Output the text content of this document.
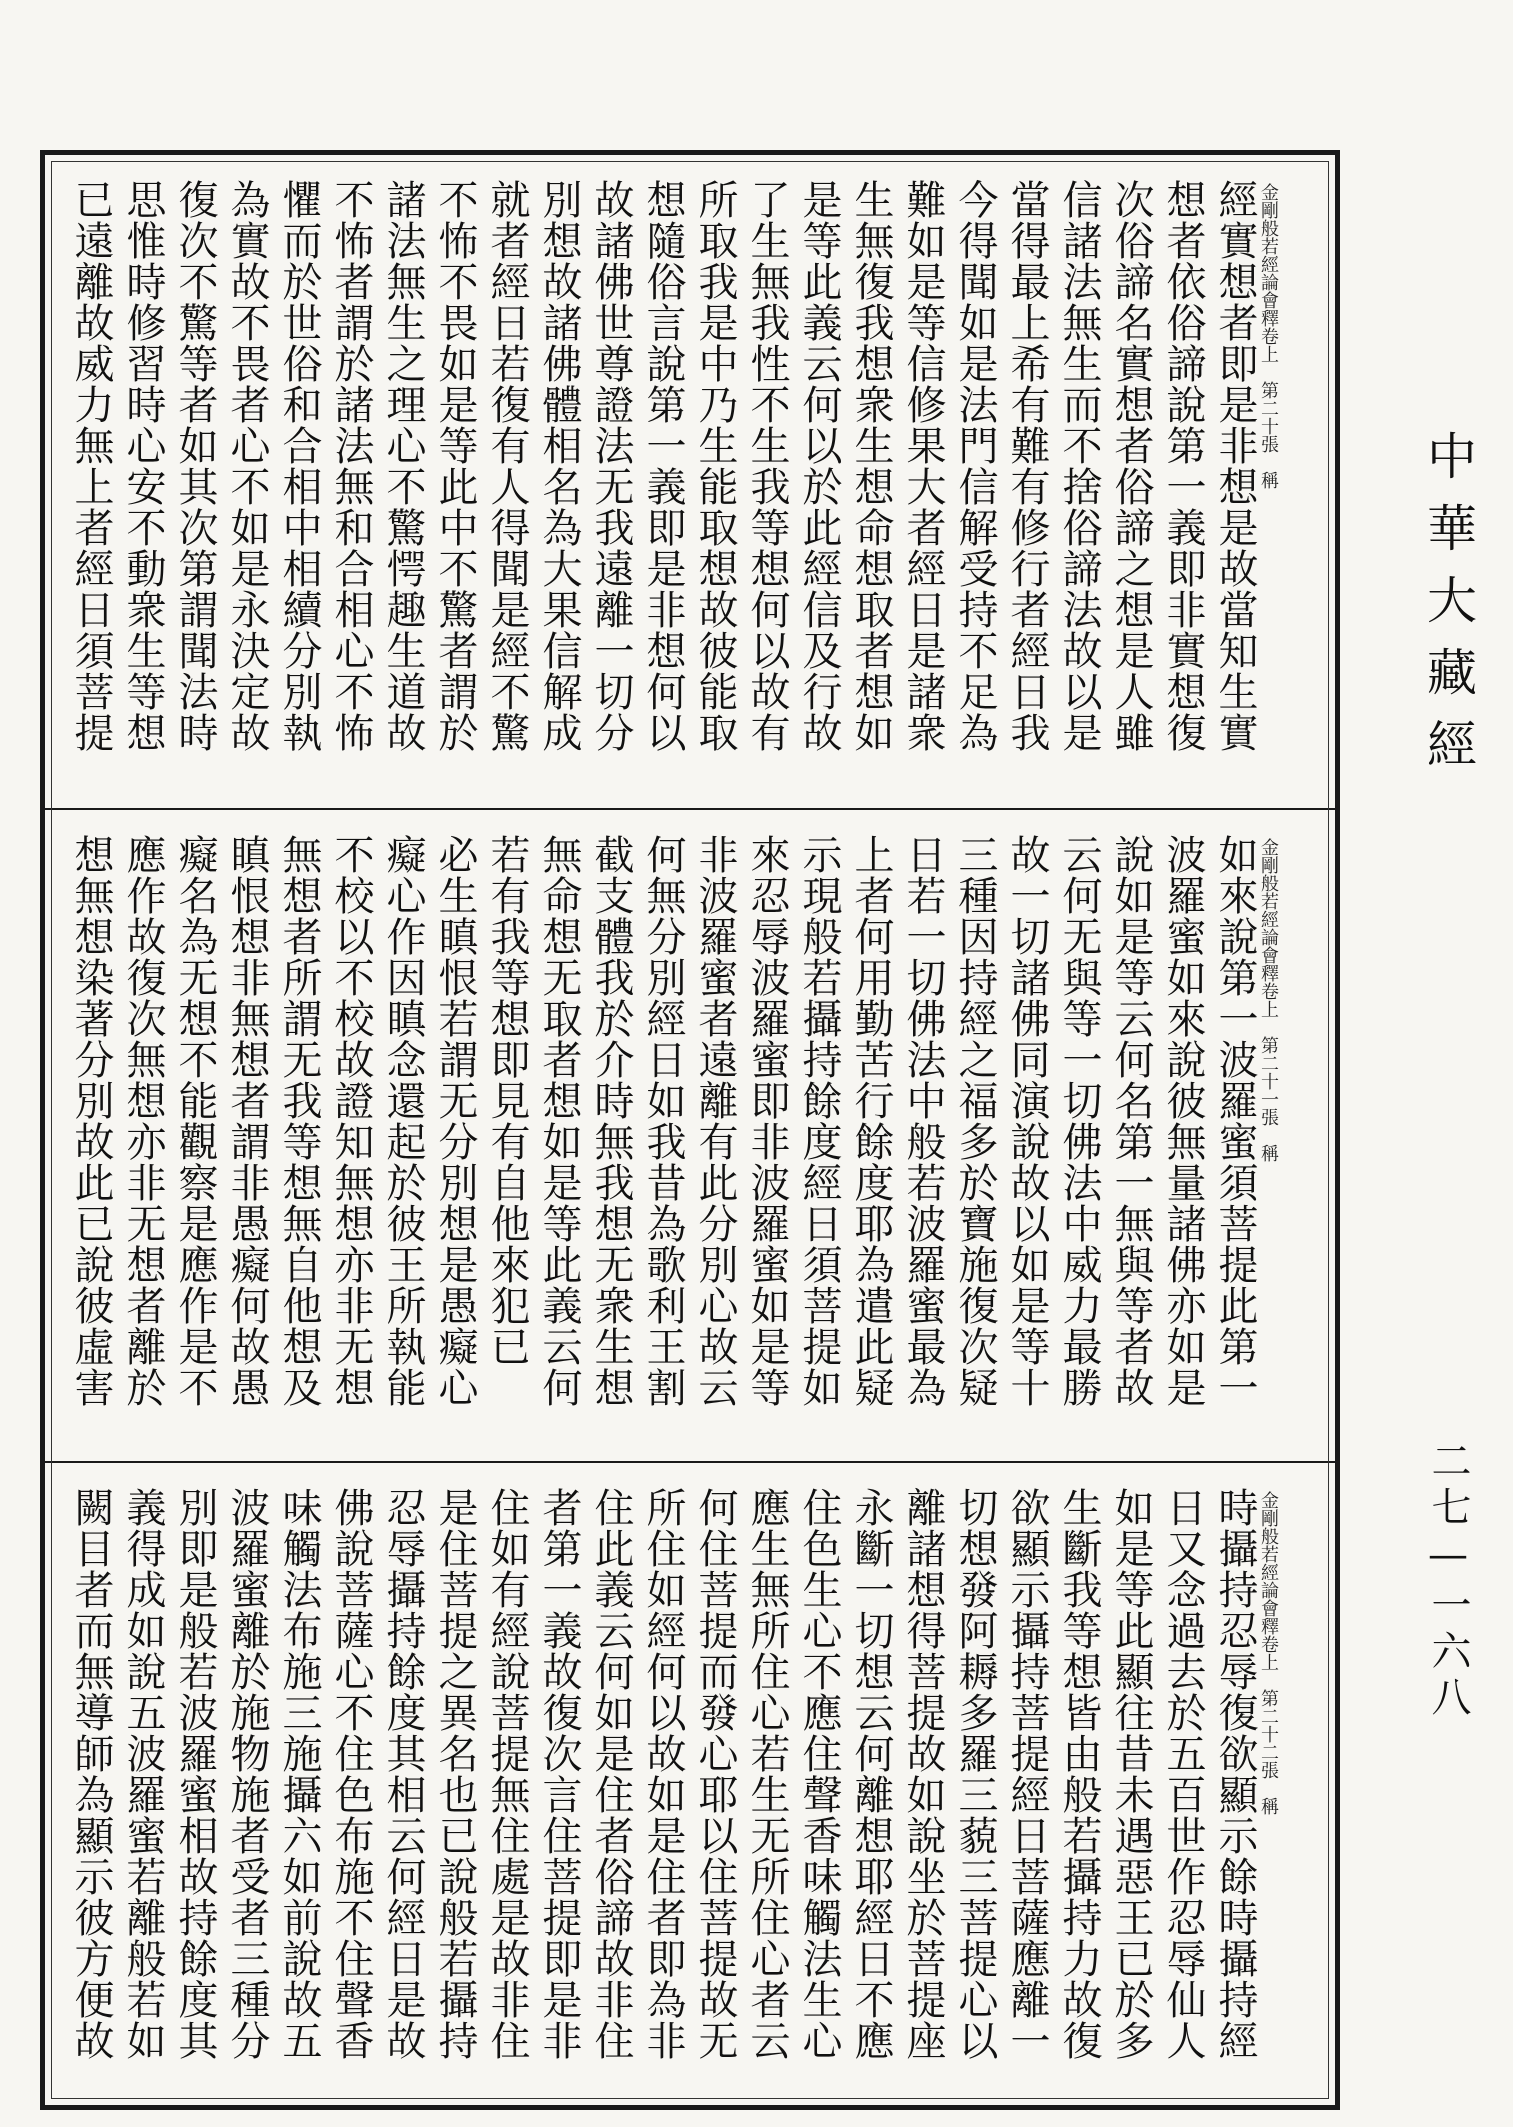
金剛般若經論會釋卷上　第二十張　稱
經實想者即是非想是故當知生實
想者依俗諦說第一義即非實想復
次俗諦名實想者俗諦之想是人雖
信諸法無生而不捨俗諦法故以是
當得最上希有難有修行者經日我
今得聞如是法門信解受持不足為
難如是等信修果大者經日是諸衆
生無復我想衆生想命想取者想如
是等此義云何以於此經信及行故
了生無我性不生我等想何以故有
所取我是中乃生能取想故彼能取
想隨俗言說第一義即是非想何以
故諸佛世尊證法无我遠離一切分
別想故諸佛體相名為大果信解成
就者經日若復有人得聞是經不驚
不怖不畏如是等此中不驚者謂於
諸法無生之理心不驚愕趣生道故
不怖者謂於諸法無和合相心不怖
懼而於世俗和合相中相續分別執
為實故不畏者心不如是永決定故
復次不驚等者如其次第謂聞法時
思惟時修習時心安不動衆生等想
已遠離故威力無上者經日須菩提
金剛般若經論會釋卷上　第二十一張　稱
如來說第一波羅蜜須菩提此第一
波羅蜜如來說彼無量諸佛亦如是
說如是等云何名第一無與等者故
云何无與等一切佛法中威力最勝
故一切諸佛同演說故以如是等十
三種因持經之福多於寶施復次疑
日若一切佛法中般若波羅蜜最為
上者何用勤苦行餘度耶為遣此疑
示現般若攝持餘度經日須菩提如
來忍辱波羅蜜即非波羅蜜如是等
非波羅蜜者遠離有此分別心故云
何無分別經日如我昔為歌利王割
截支體我於介時無我想无衆生想
無命想无取者想如是等此義云何
若有我等想即見有自他來犯已
必生瞋恨若謂无分別想是愚癡心
癡心作因瞋念還起於彼王所執能
不校以不校故證知無想亦非无想
無想者所謂无我等想無自他想及
瞋恨想非無想者謂非愚癡何故愚
癡名為无想不能觀察是應作是不
應作故復次無想亦非无想者離於
想無想染著分別故此已說彼虛害
金剛般若經論會釋卷上　第二十二張　稱
時攝持忍辱復欲顯示餘時攝持經
日又念過去於五百世作忍辱仙人
如是等此顯往昔未遇惡王已於多
生斷我等想皆由般若攝持力故復
欲顯示攝持菩提經日菩薩應離一
切想發阿耨多羅三藐三菩提心以
離諸想得菩提故如說坐於菩提座
永斷一切想云何離想耶經日不應
住色生心不應住聲香味觸法生心
應生無所住心若生无所住心者云
何住菩提而發心耶以住菩提故无
所住如經何以故如是住者即為非
住此義云何如是住者俗諦故非住
者第一義故復次言住菩提即是非
住如有經說菩提無住處是故非住
是住菩提之異名也已說般若攝持
忍辱攝持餘度其相云何經日是故
佛說菩薩心不住色布施不住聲香
味觸法布施三施攝六如前說故五
波羅蜜離於施物施者受者三種分
別即是般若波羅蜜相故持餘度其
義得成如說五波羅蜜若離般若如
闕目者而無導師為顯示彼方便故
中華大藏經
二七—一六八
